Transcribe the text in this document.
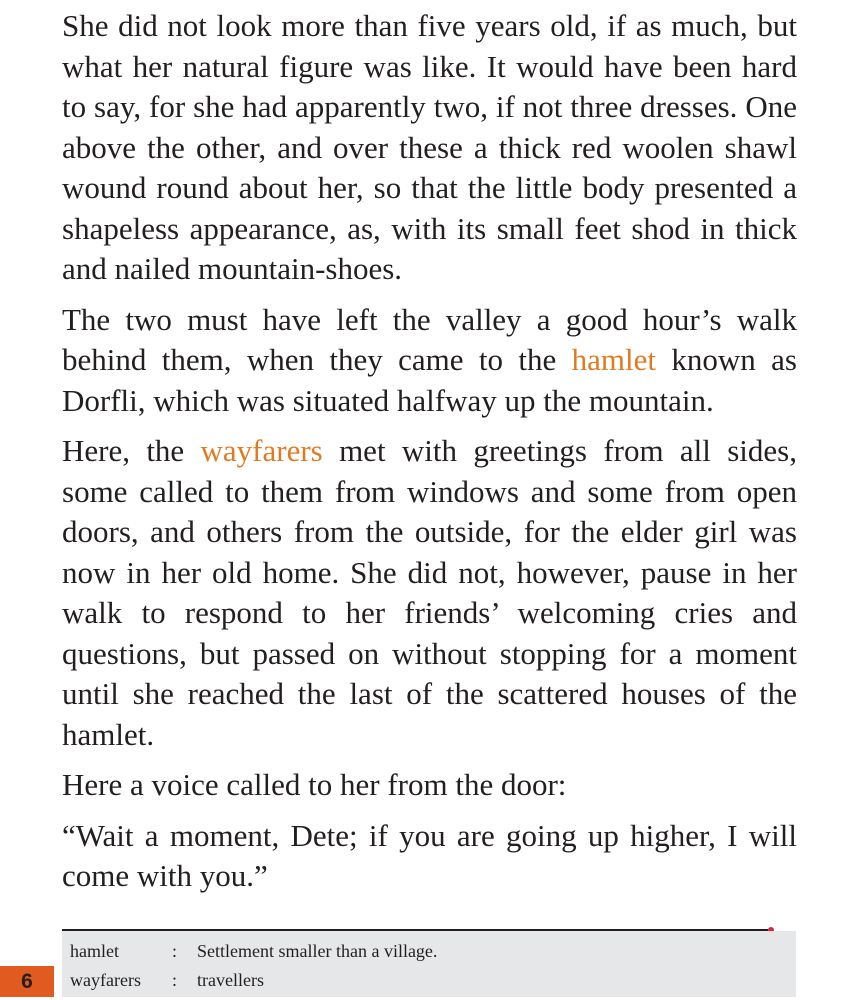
She did not look more than five years old, if as much, but what her natural figure was like. It would have been hard to say, for she had apparently two, if not three dresses. One above the other, and over these a thick red woolen shawl wound round about her, so that the little body presented a shapeless appearance, as, with its small feet shod in thick and nailed mountain-shoes.

The two must have left the valley a good hour’s walk behind them, when they came to the hamlet known as Dorfli, which was situated halfway up the mountain.

Here, the wayfarers met with greetings from all sides, some called to them from windows and some from open doors, and others from the outside, for the elder girl was now in her old home. She did not, however, pause in her walk to respond to her friends’ welcoming cries and questions, but passed on without stopping for a moment until she reached the last of the scattered houses of the hamlet.

Here a voice called to her from the door:

“Wait a moment, Dete; if you are going up higher, I will come with you.”

hamlet	: Settlement smaller than a village.
wayfarers : travellers
6
